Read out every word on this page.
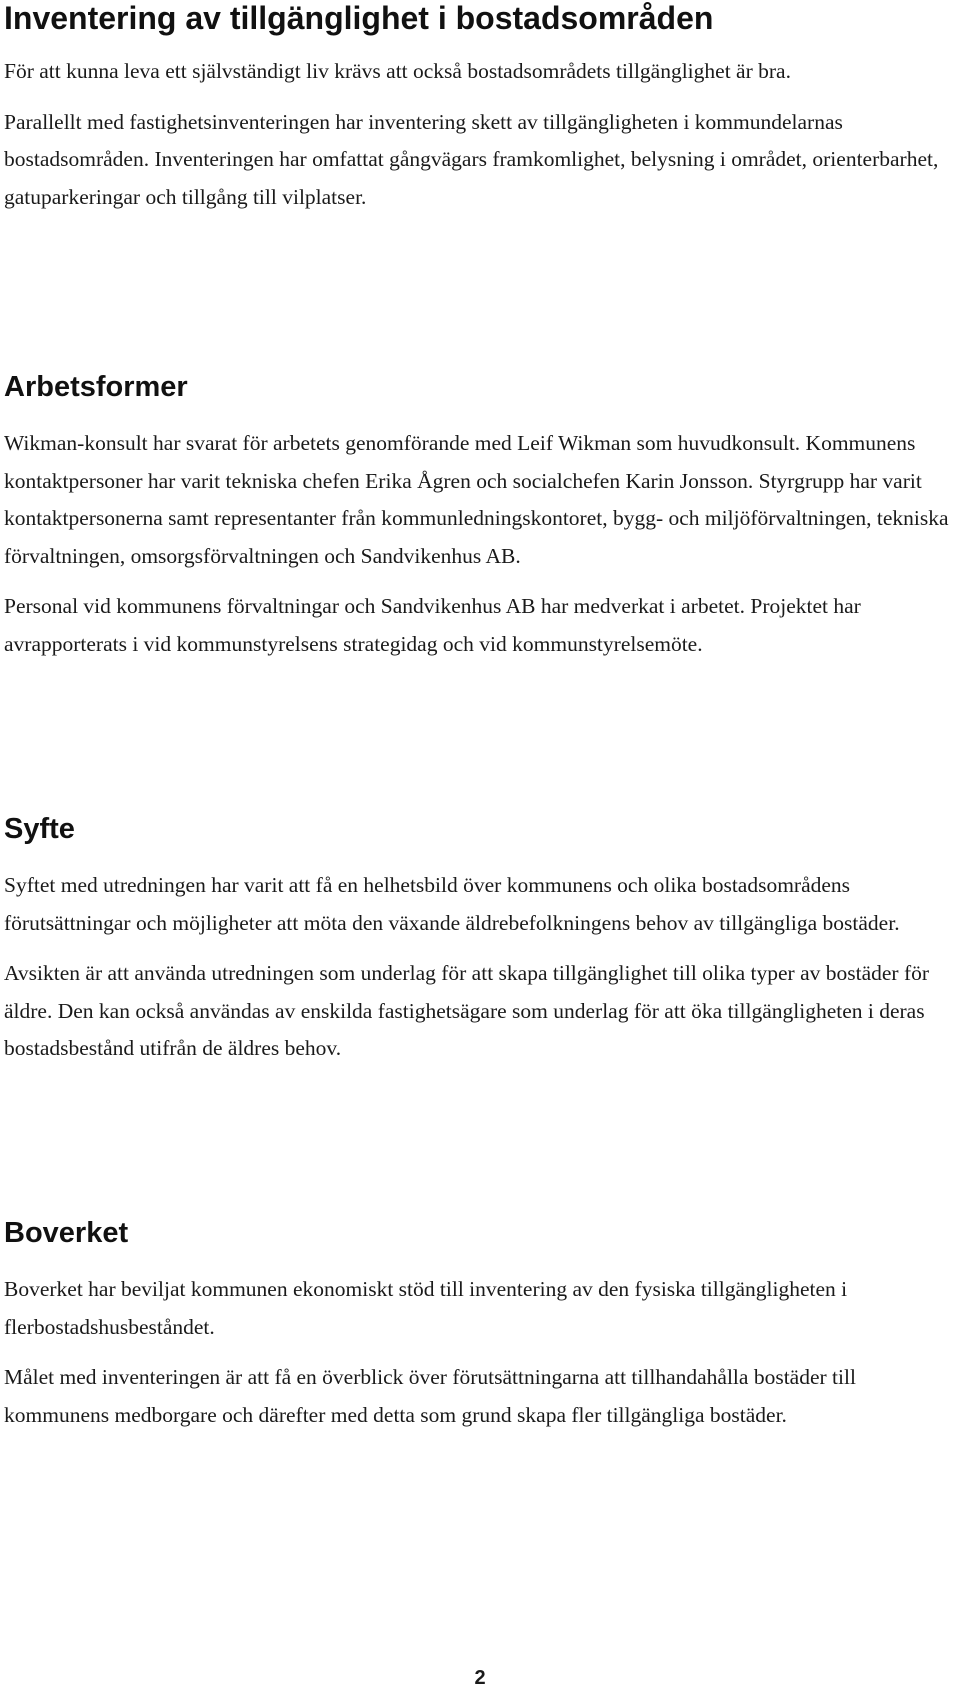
Inventering av tillgänglighet i bostadsområden

För att kunna leva ett självständigt liv krävs att också bostadsområdets tillgänglighet är bra.

Parallellt med fastighetsinventeringen har inventering skett av tillgängligheten i kommundelarnas bostadsområden. Inventeringen har omfattat gångvägars framkomlighet, belysning i området, orienterbarhet, gatuparkeringar och tillgång till vilplatser.

Arbetsformer

Wikman-konsult har svarat för arbetets genomförande med Leif Wikman som huvudkonsult. Kommunens kontaktpersoner har varit tekniska chefen Erika Ågren och socialchefen Karin Jonsson. Styrgrupp har varit kontaktpersonerna samt representanter från kommunledningskontoret, bygg- och miljöförvaltningen, tekniska förvaltningen, omsorgsförvaltningen och Sandvikenhus AB.

Personal vid kommunens förvaltningar och Sandvikenhus AB har medverkat i arbetet. Projektet har avrapporterats i vid kommunstyrelsens strategidag och vid kommunstyrelsemöte.

Syfte

Syftet med utredningen har varit att få en helhetsbild över kommunens och olika bostadsområdens förutsättningar och möjligheter att möta den växande äldrebefolkningens behov av tillgängliga bostäder.

Avsikten är att använda utredningen som underlag för att skapa tillgänglighet till olika typer av bostäder för äldre. Den kan också användas av enskilda fastighetsägare som underlag för att öka tillgängligheten i deras bostadsbestånd utifrån de äldres behov.

Boverket

Boverket har beviljat kommunen ekonomiskt stöd till inventering av den fysiska tillgängligheten i flerbostadshusbeståndet.

Målet med inventeringen är att få en överblick över förutsättningarna att tillhandahålla bostäder till kommunens medborgare och därefter med detta som grund skapa fler tillgängliga bostäder.

2
